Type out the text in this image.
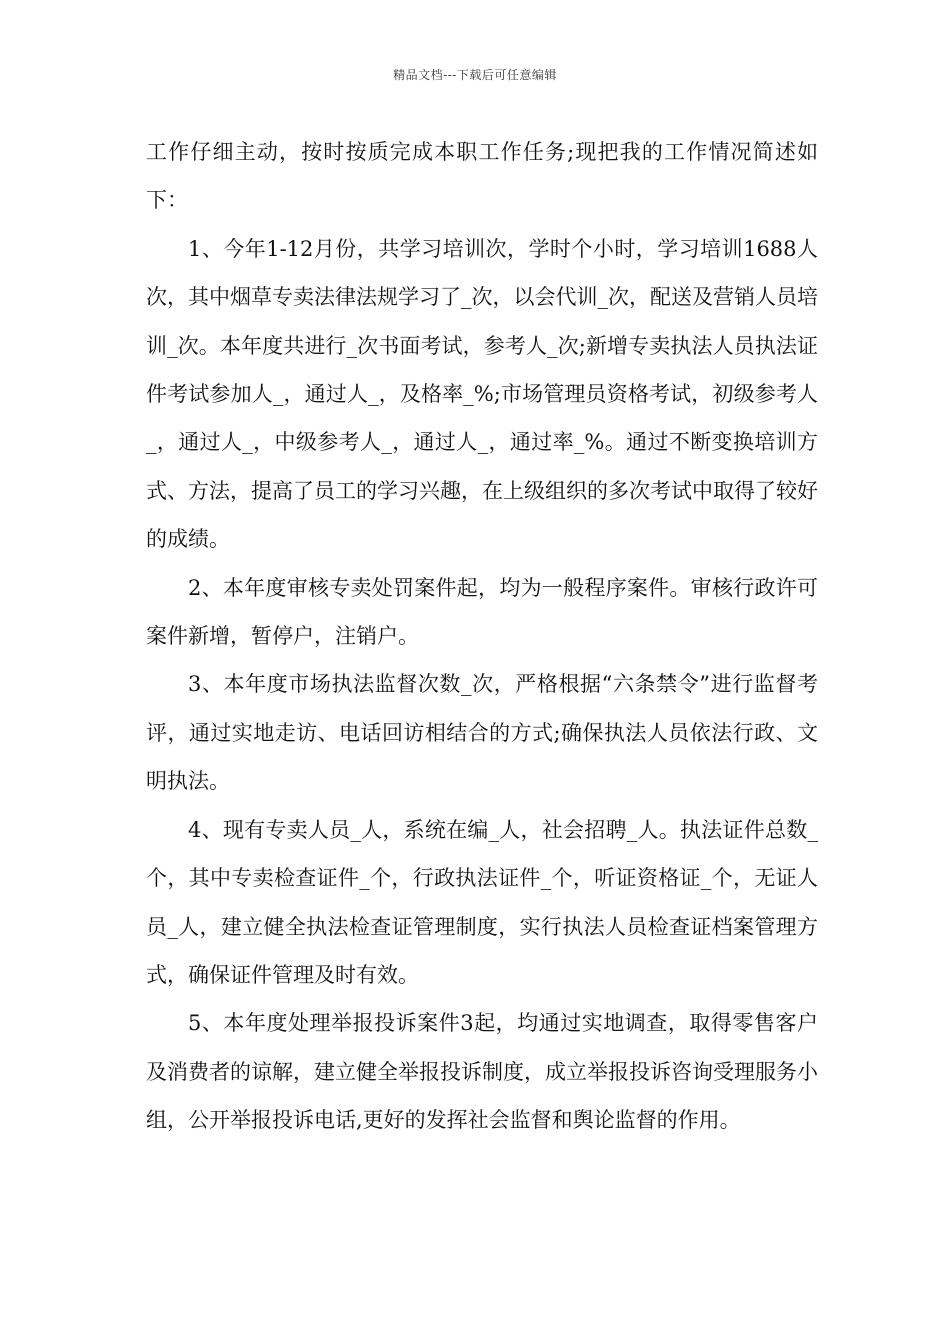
精品文档---下载后可任意编辑

工作仔细主动，按时按质完成本职工作任务;现把我的工作情况简述如下：

1、今年1-12月份，共学习培训次，学时个小时，学习培训1688人次，其中烟草专卖法律法规学习了_次，以会代训_次，配送及营销人员培训_次。本年度共进行_次书面考试，参考人_次;新增专卖执法人员执法证件考试参加人_，通过人_，及格率_%;市场管理员资格考试，初级参考人_，通过人_，中级参考人_，通过人_，通过率_%。通过不断变换培训方式、方法，提高了员工的学习兴趣，在上级组织的多次考试中取得了较好的成绩。

2、本年度审核专卖处罚案件起，均为一般程序案件。审核行政许可案件新增，暂停户，注销户。

3、本年度市场执法监督次数_次，严格根据“六条禁令”进行监督考评，通过实地走访、电话回访相结合的方式;确保执法人员依法行政、文明执法。

4、现有专卖人员_人，系统在编_人，社会招聘_人。执法证件总数_个，其中专卖检查证件_个，行政执法证件_个，听证资格证_个，无证人员_人，建立健全执法检查证管理制度，实行执法人员检查证档案管理方式，确保证件管理及时有效。

5、本年度处理举报投诉案件3起，均通过实地调查，取得零售客户及消费者的谅解，建立健全举报投诉制度，成立举报投诉咨询受理服务小组，公开举报投诉电话,更好的发挥社会监督和舆论监督的作用。
